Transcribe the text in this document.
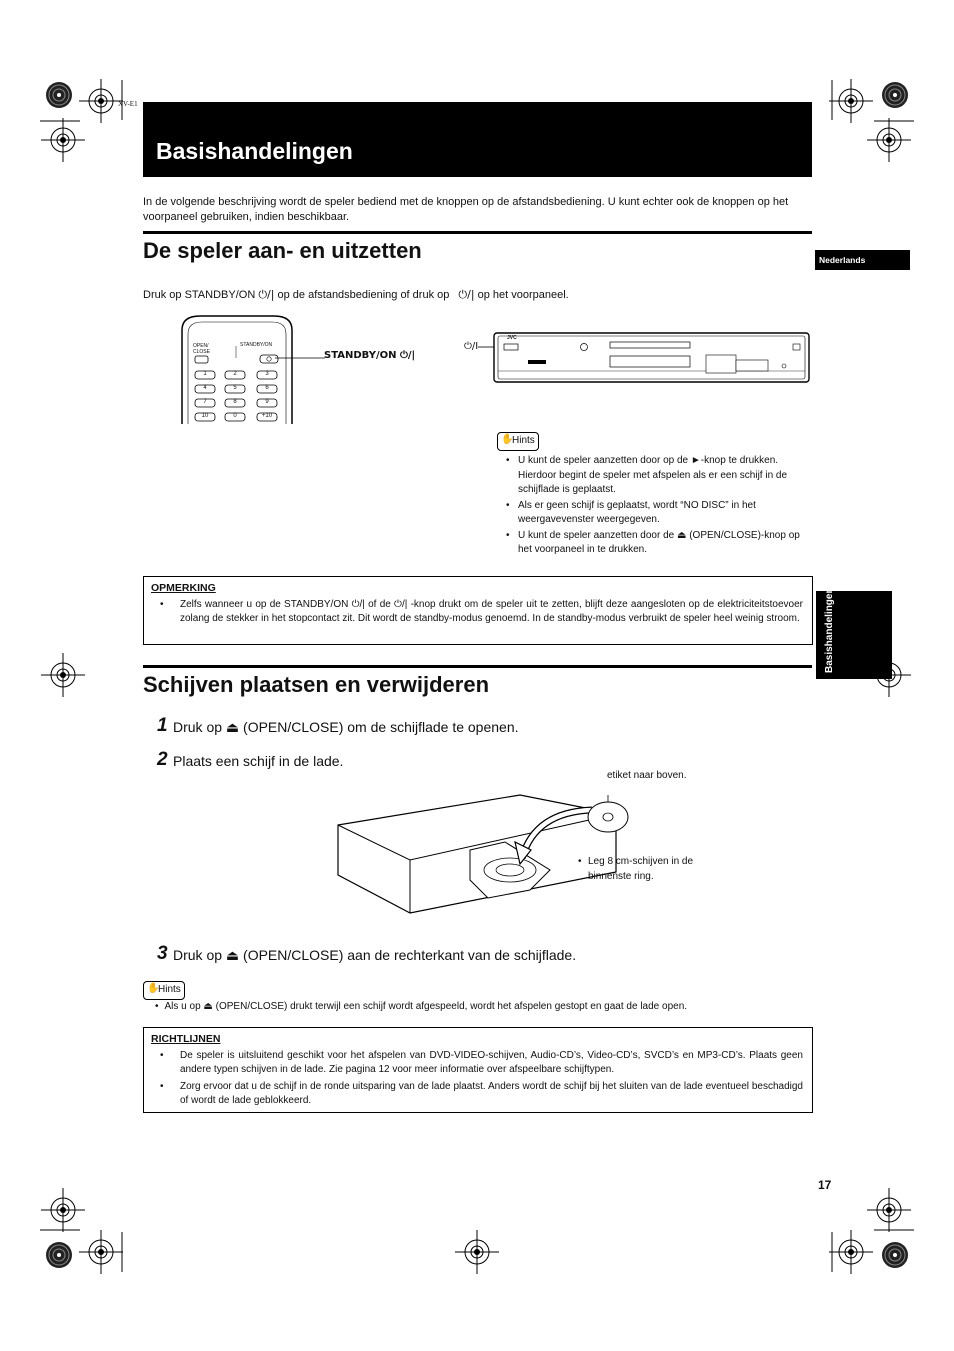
XV-E1
Basishandelingen
In de volgende beschrijving wordt de speler bediend met de knoppen op de afstandsbediening. U kunt echter ook de knoppen op het voorpaneel gebruiken, indien beschikbaar.
De speler aan- en uitzetten	Nederlands
Druk op STANDBY/ON ⏻/| op de afstandsbediening of druk op ⏻/| op het voorpaneel.
OPEN/ CLOSE
STANDBY/ON
1	2	3
4	5	6
7	8	9
10	0	+10
STANDBY/ON ⏻/|
⏻/I
JVC
✋
Hints
• U kunt de speler aanzetten door op de ►-knop te drukken. Hierdoor begint de speler met afspelen als er een schijf in de schijflade is geplaatst.
• Als er geen schijf is geplaatst, wordt “NO DISC” in het weergavevenster weergegeven.
• U kunt de speler aanzetten door de ⏏ (OPEN/CLOSE)-knop op het voorpaneel in te drukken.
OPMERKING
• Zelfs wanneer u op de STANDBY/ON ⏻/| of de ⏻/| -knop drukt om de speler uit te zetten, blijft deze aangesloten op de elektriciteitstoevoer zolang de stekker in het stopcontact zit. Dit wordt de standby-modus genoemd. In de standby-modus verbruikt de speler heel weinig stroom.	Basishandelingen
Schijven plaatsen en verwijderen
1 Druk op ⏏ (OPEN/CLOSE) om de schijflade te openen.
2 Plaats een schijf in de lade.
etiket naar boven.
• Leg 8 cm-schijven in de binnenste ring.
3 Druk op ⏏ (OPEN/CLOSE) aan de rechterkant van de schijflade.
✋
Hints
• Als u op ⏏ (OPEN/CLOSE) drukt terwijl een schijf wordt afgespeeld, wordt het afspelen gestopt en gaat de lade open.
RICHTLIJNEN
• De speler is uitsluitend geschikt voor het afspelen van DVD-VIDEO-schijven, Audio-CD’s, Video-CD’s, SVCD’s en MP3-CD’s. Plaats geen andere typen schijven in de lade. Zie pagina 12 voor meer informatie over afspeelbare schijftypen.
• Zorg ervoor dat u de schijf in de ronde uitsparing van de lade plaatst. Anders wordt de schijf bij het sluiten van de lade eventueel beschadigd of wordt de lade geblokkeerd.
17
